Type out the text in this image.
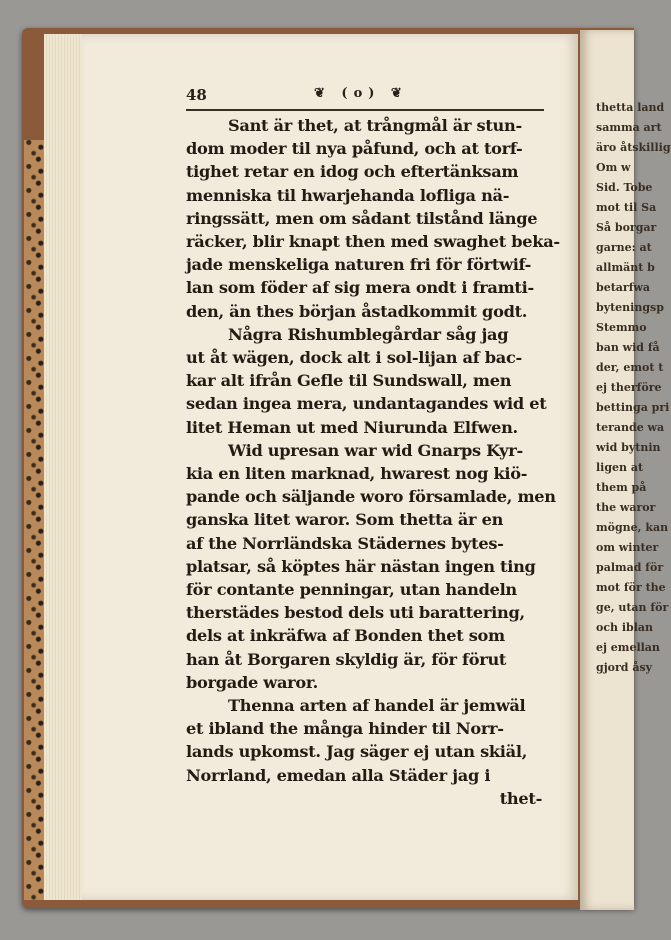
thetta land
samma art
äro åtskillig
Om w
Sid. Tobe
mot til Sa
Så borgar
garne: at
allmänt b
betarfwa
byteningsp
Stemmo
ban wid få
der, emot t
ej therföre
bettinga pri
terande wa
wid bytnin
ligen at
them på
the waror
mögne, kan
om winter
palmad för
mot för the
ge, utan för
och iblan
ej emellan
gjord åsy
48	❦ (o) ❦
Sant är thet, at trångmål är stun-
dom moder til nya påfund, och at torf-
tighet retar en idog och eftertänksam
menniska til hwarjehanda lofliga nä-
ringssätt, men om sådant tilstånd länge
räcker, blir knapt then med swaghet beka-
jade menskeliga naturen fri för förtwif-
lan som föder af sig mera ondt i framti-
den, än thes början åstadkommit godt.
Några Rishumblegårdar såg jag
ut åt wägen, dock alt i sol-lijan af bac-
kar alt ifrån Gefle til Sundswall, men
sedan ingea mera, undantagandes wid et
litet Heman ut med Niurunda Elfwen.
Wid upresan war wid Gnarps Kyr-
kia en liten marknad, hwarest nog kiö-
pande och säljande woro församlade, men
ganska litet waror. Som thetta är en
af the Norrländska Städernes bytes-
platsar, så köptes här nästan ingen ting
för contante penningar, utan handeln
therstädes bestod dels uti barattering,
dels at inkräfwa af Bonden thet som
han åt Borgaren skyldig är, för förut
borgade waror.
Thenna arten af handel är jemwäl
et ibland the många hinder til Norr-
lands upkomst. Jag säger ej utan skiäl,
Norrland, emedan alla Städer jag i
thet-
